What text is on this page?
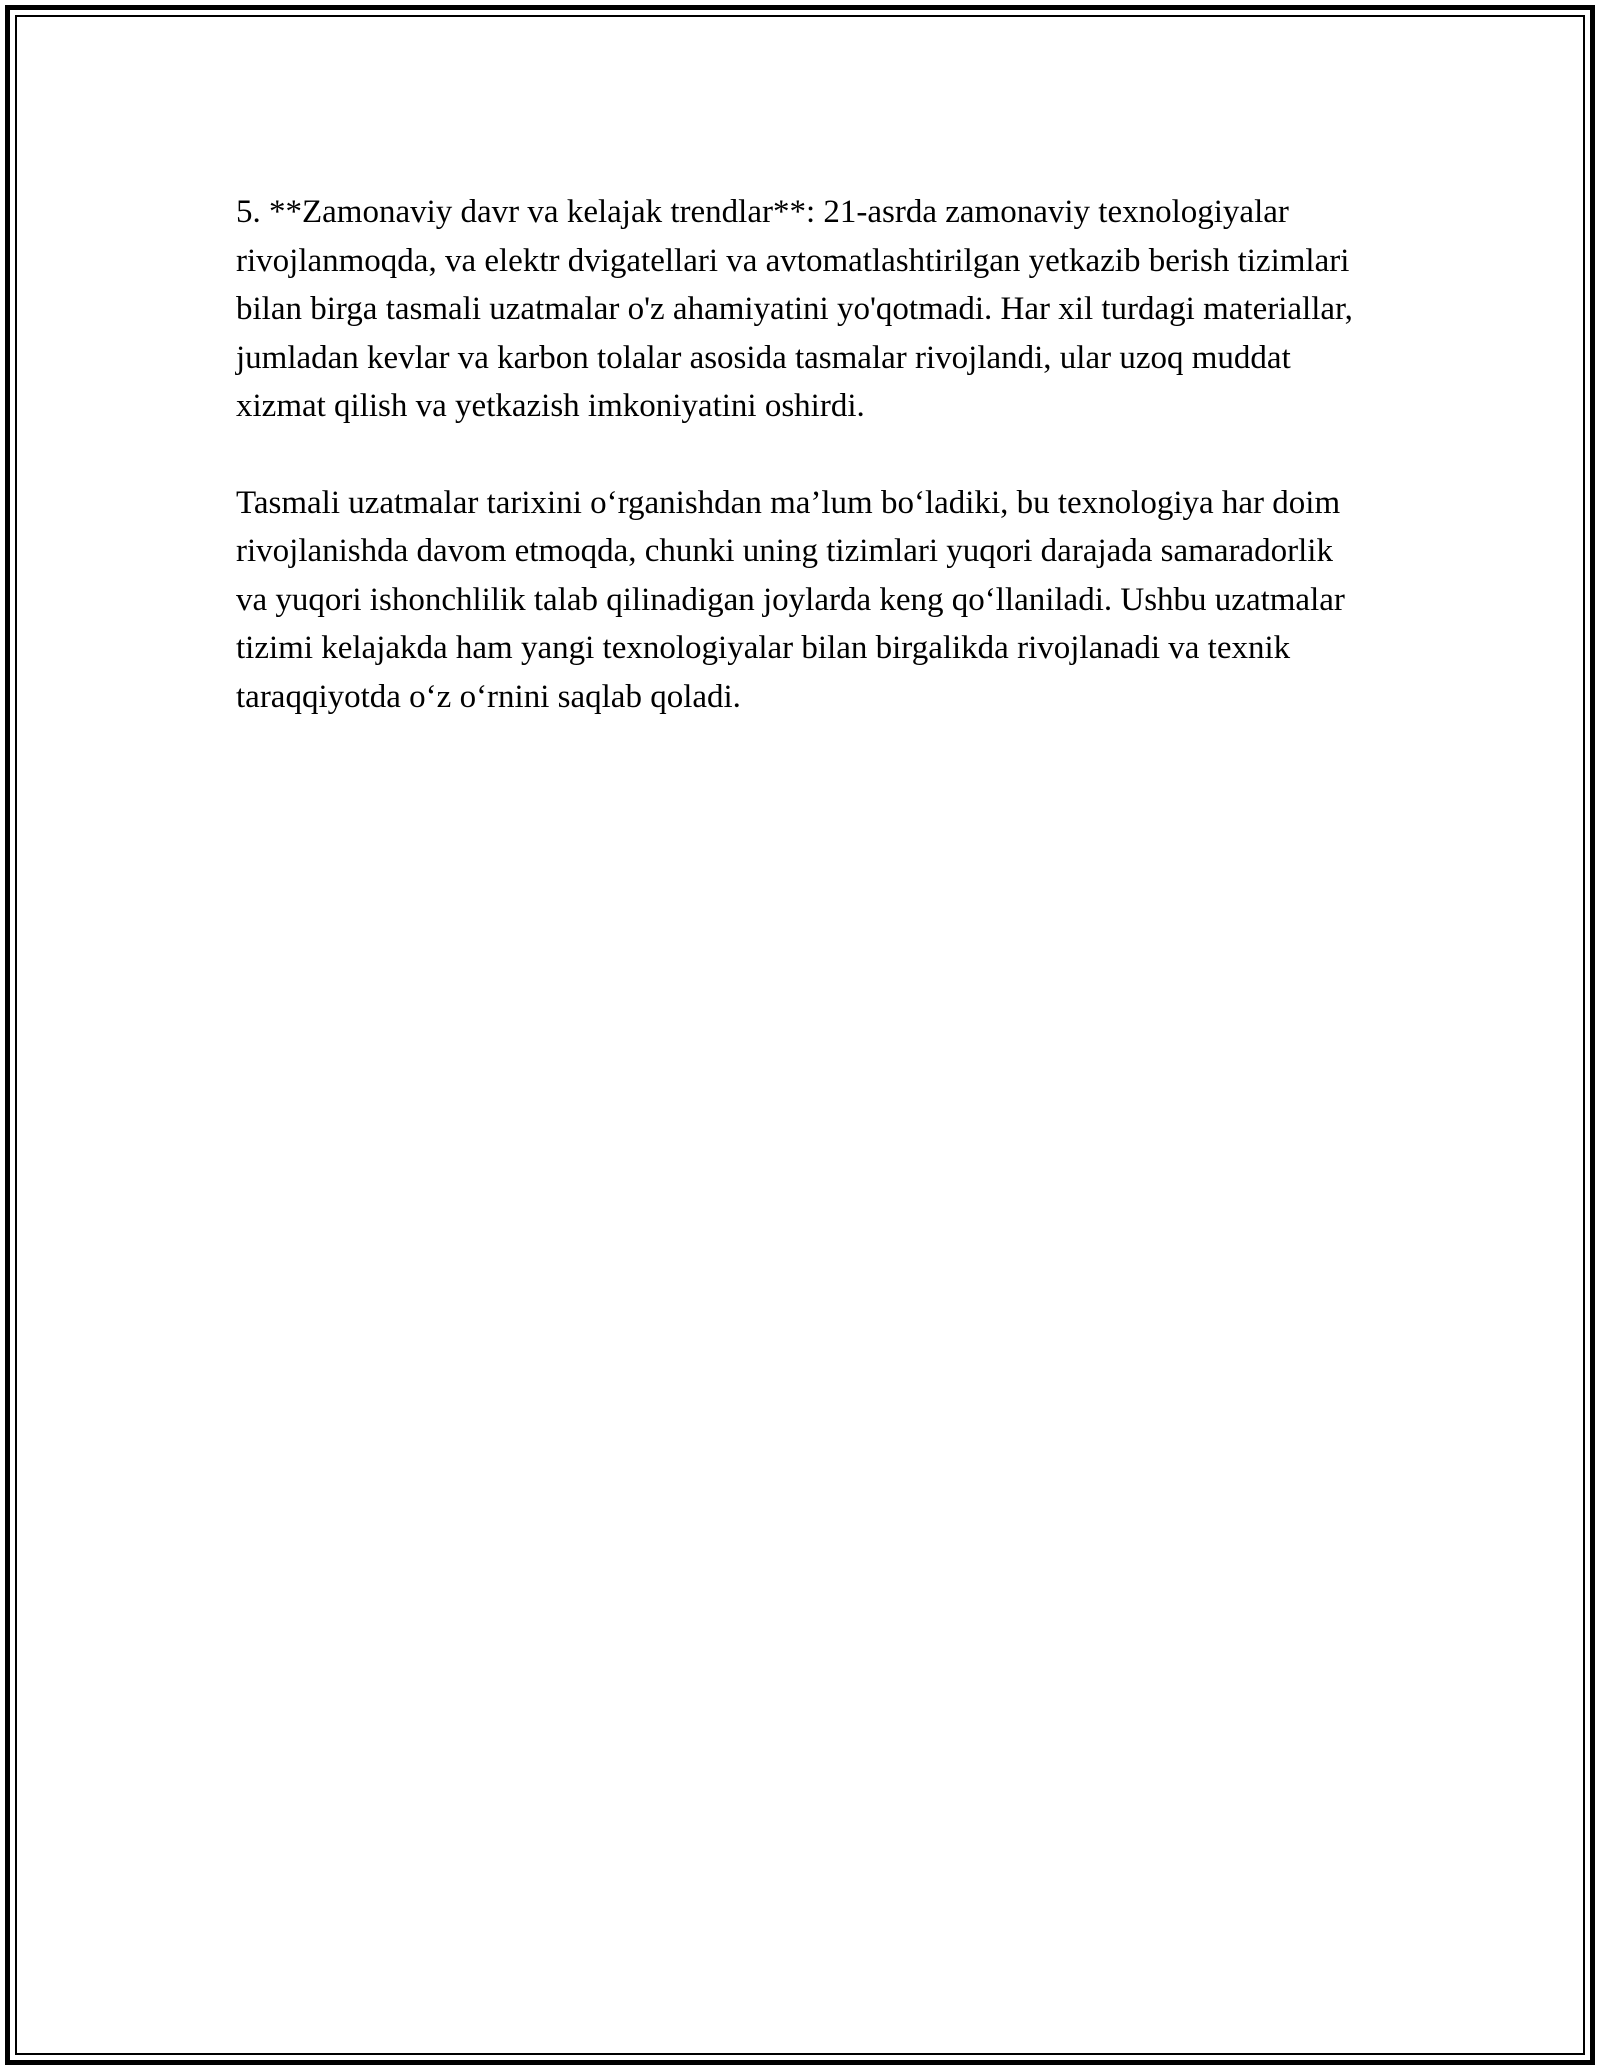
5. **Zamonaviy davr va kelajak trendlar**: 21-asrda zamonaviy texnologiyalar rivojlanmoqda, va elektr dvigatellari va avtomatlashtirilgan yetkazib berish tizimlari bilan birga tasmali uzatmalar o'z ahamiyatini yo'qotmadi. Har xil turdagi materiallar, jumladan kevlar va karbon tolalar asosida tasmalar rivojlandi, ular uzoq muddat xizmat qilish va yetkazish imkoniyatini oshirdi.

Tasmali uzatmalar tarixini o‘rganishdan ma’lum bo‘ladiki, bu texnologiya har doim rivojlanishda davom etmoqda, chunki uning tizimlari yuqori darajada samaradorlik va yuqori ishonchlilik talab qilinadigan joylarda keng qo‘llaniladi. Ushbu uzatmalar tizimi kelajakda ham yangi texnologiyalar bilan birgalikda rivojlanadi va texnik taraqqiyotda o‘z o‘rnini saqlab qoladi.
